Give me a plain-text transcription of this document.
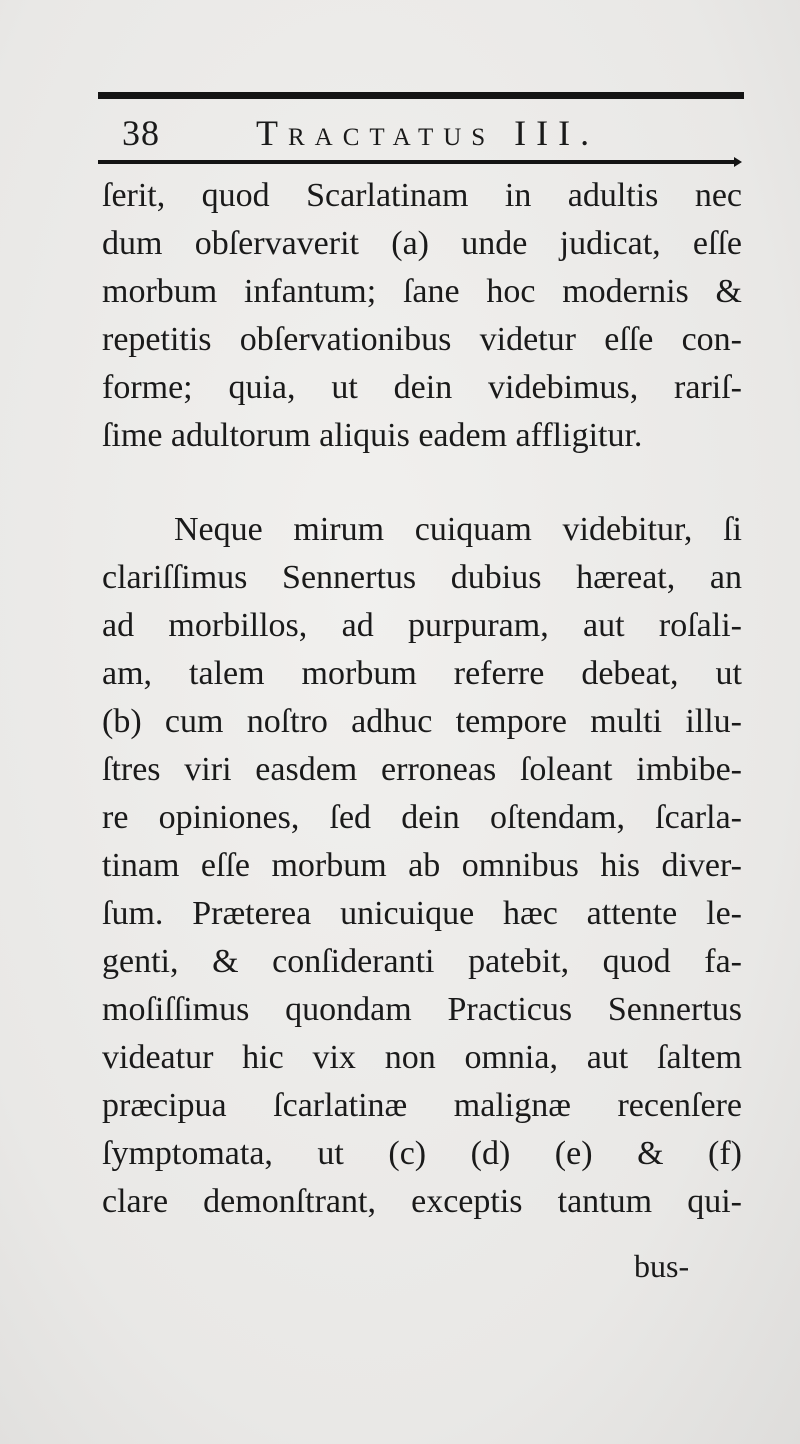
38	Tractatus III.
ſerit, quod Scarlatinam in adultis nec
dum obſervaverit (a) unde judicat, eſſe
morbum infantum; ſane hoc modernis &
repetitis obſervationibus videtur eſſe con-
forme; quia, ut dein videbimus, rariſ-
ſime adultorum aliquis eadem affligitur.
Neque mirum cuiquam videbitur, ſi
clariſſimus Sennertus dubius hæreat, an
ad morbillos, ad purpuram, aut roſali-
am, talem morbum referre debeat, ut
(b) cum noſtro adhuc tempore multi illu-
ſtres viri easdem erroneas ſoleant imbibe-
re opiniones, ſed dein oſtendam, ſcarla-
tinam eſſe morbum ab omnibus his diver-
ſum. Præterea unicuique hæc attente le-
genti, & conſideranti patebit, quod fa-
moſiſſimus quondam Practicus Sennertus
videatur hic vix non omnia, aut ſaltem
præcipua ſcarlatinæ malignæ recenſere
ſymptomata, ut (c) (d) (e) & (f)
clare demonſtrant, exceptis tantum qui-
bus-
